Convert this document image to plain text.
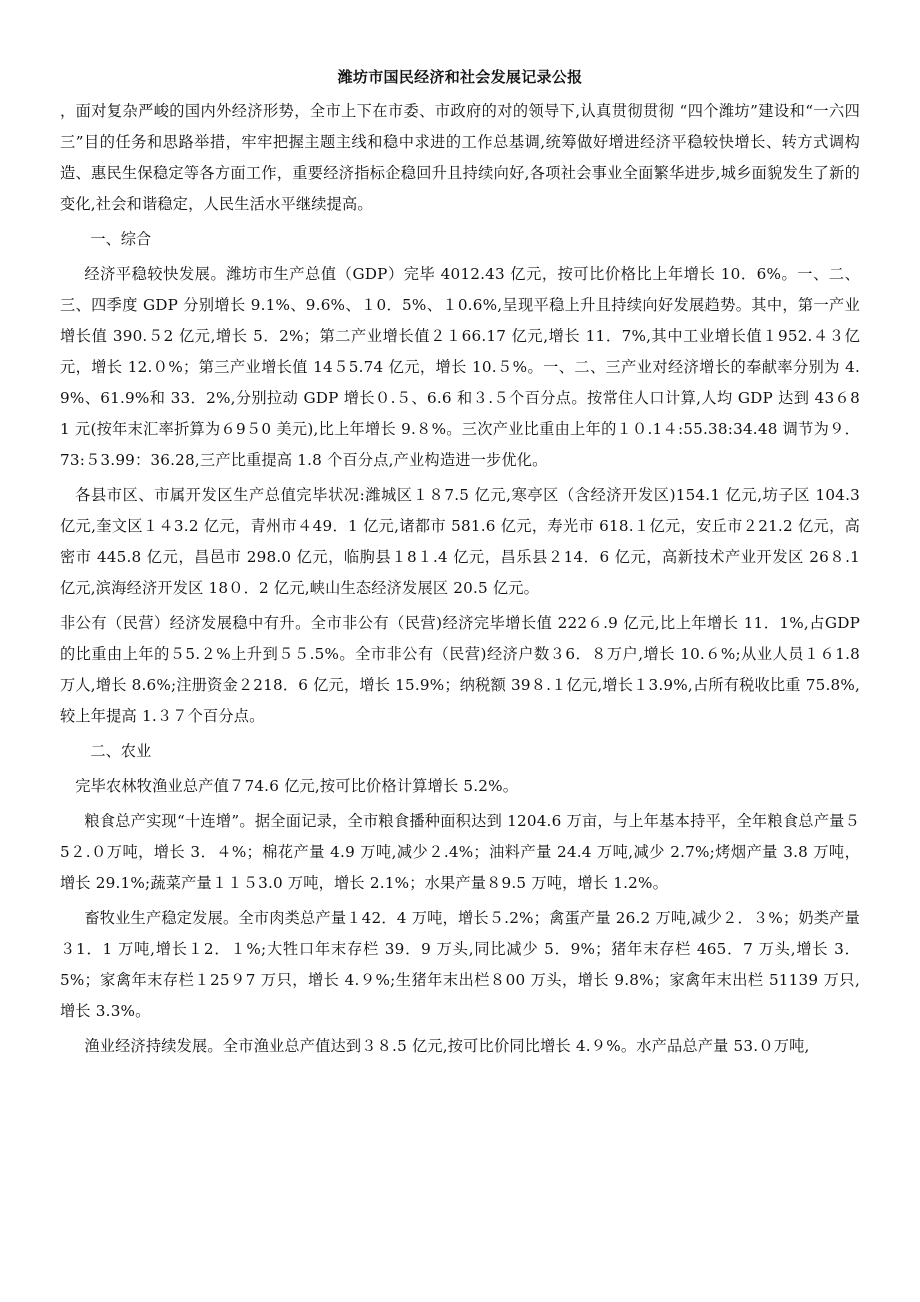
潍坊市国民经济和社会发展记录公报

，面对复杂严峻的国内外经济形势，全市上下在市委、市政府的对的领导下,认真贯彻贯彻 “四个潍坊”建设和“一六四三”目的任务和思路举措，牢牢把握主题主线和稳中求进的工作总基调,统筹做好增进经济平稳较快增长、转方式调构造、惠民生保稳定等各方面工作，重要经济指标企稳回升且持续向好,各项社会事业全面繁华进步,城乡面貌发生了新的变化,社会和谐稳定，人民生活水平继续提高。

一、综合

经济平稳较快发展。潍坊市生产总值（GDP）完毕 4012.43 亿元，按可比价格比上年增长 10．6%。一、二、三、四季度 GDP 分别增长 9.1%、9.6%、１0．5%、１0.6%,呈现平稳上升且持续向好发展趋势。其中，第一产业增长值 390.５2 亿元,增长 5．2%；第二产业增长值２１66.17 亿元,增长 11．7%,其中工业增长值１952.４３亿元，增长 12.０%；第三产业增长值 14５5.74 亿元，增长 10.５%。一、二、三产业对经济增长的奉献率分别为 4.9%、61.9%和 33．2%,分别拉动 GDP 增长０.５、6.6 和３.５个百分点。按常住人口计算,人均 GDP 达到 43６81 元(按年末汇率折算为６9５0 美元),比上年增长 9.８%。三次产业比重由上年的１０.1４:55.38:34.48 调节为９．73:５3.99：36.28,三产比重提高 1.8 个百分点,产业构造进一步优化。

各县市区、市属开发区生产总值完毕状况:潍城区１８7.5 亿元,寒亭区（含经济开发区)154.1 亿元,坊子区 104.3 亿元,奎文区１４3.2 亿元，青州市４49．1 亿元,诸都市 581.6 亿元，寿光市 618.１亿元，安丘市２21.2 亿元，高密市 445.8 亿元，昌邑市 298.0 亿元，临朐县１8１.4 亿元，昌乐县２14．6 亿元，高新技术产业开发区 26８.1 亿元,滨海经济开发区 18０．2 亿元,峡山生态经济发展区 20.5 亿元。

非公有（民营）经济发展稳中有升。全市非公有（民营)经济完毕增长值 222６.9 亿元,比上年增长 11．1%,占GDP 的比重由上年的５5.２%上升到５５.5%。全市非公有（民营)经济户数３6．８万户,增长 10.６%;从业人员１６1.8 万人,增长 8.6%;注册资金２218．6 亿元，增长 15.9%；纳税额 39８.１亿元,增长１3.9%,占所有税收比重 75.8%,较上年提高 1.３７个百分点。

二、农业

完毕农林牧渔业总产值７74.6 亿元,按可比价格计算增长 5.2%。

粮食总产实现“十连增”。据全面记录，全市粮食播种面积达到 1204.6 万亩，与上年基本持平，全年粮食总产量５5２.０万吨，增长 3．４%；棉花产量 4.9 万吨,减少２.4%；油料产量 24.4 万吨,减少 2.7%;烤烟产量 3.8 万吨，增长 29.1%;蔬菜产量１１５3.0 万吨，增长 2.1%；水果产量８9.5 万吨，增长 1.2%。

畜牧业生产稳定发展。全市肉类总产量１42．4 万吨，增长５.2%；禽蛋产量 26.2 万吨,减少２．３%；奶类产量３1．1 万吨,增长１2．１%;大牲口年末存栏 39．9 万头,同比减少 5．9%；猪年末存栏 465．7 万头,增长 3．5%；家禽年末存栏１25９7 万只，增长 4.９%;生猪年末出栏８00 万头，增长 9.8%；家禽年末出栏 51139 万只,增长 3.3%。

渔业经济持续发展。全市渔业总产值达到３８.5 亿元,按可比价同比增长 4.９%。水产品总产量 53.０万吨,
